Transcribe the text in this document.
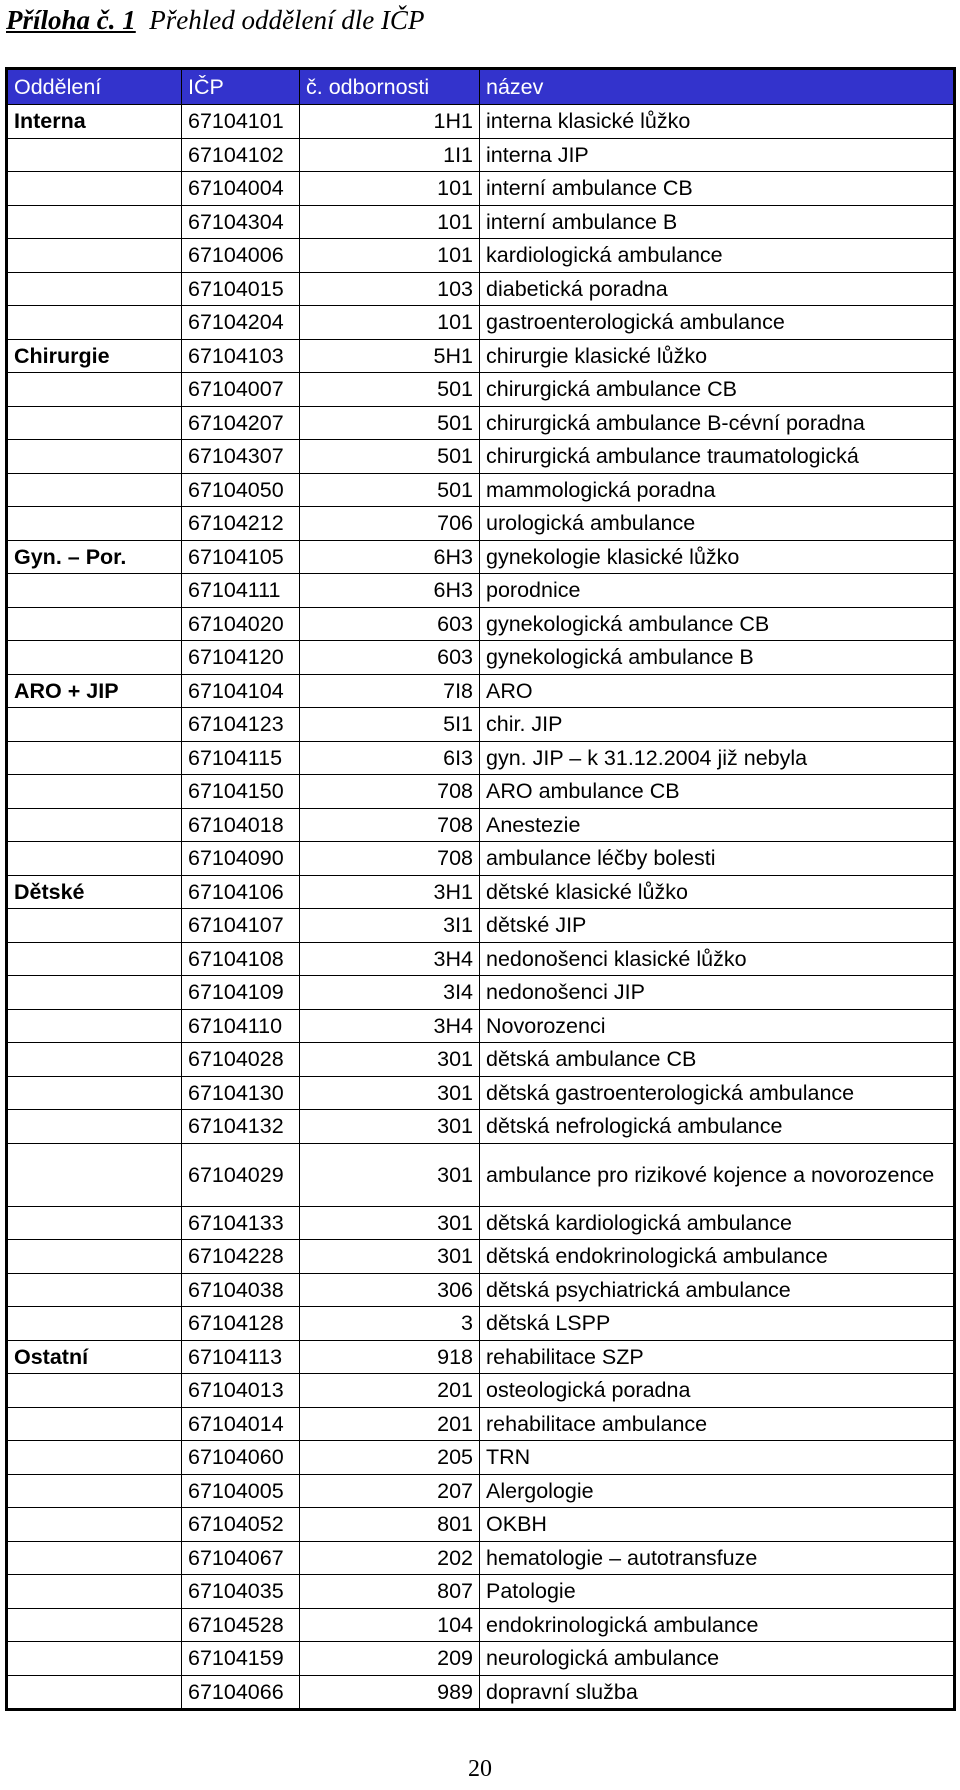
Příloha č. 1 Přehled oddělení dle IČP
Oddělení	IČP	č. odbornosti	název
Interna	67104101	1H1	interna klasické lůžko
	67104102	1I1	interna JIP
	67104004	101	interní ambulance CB
	67104304	101	interní ambulance B
	67104006	101	kardiologická ambulance
	67104015	103	diabetická poradna
	67104204	101	gastroenterologická ambulance
Chirurgie	67104103	5H1	chirurgie klasické lůžko
	67104007	501	chirurgická ambulance CB
	67104207	501	chirurgická ambulance B-cévní poradna
	67104307	501	chirurgická ambulance traumatologická
	67104050	501	mammologická poradna
	67104212	706	urologická ambulance
Gyn. – Por.	67104105	6H3	gynekologie klasické lůžko
	67104111	6H3	porodnice
	67104020	603	gynekologická ambulance CB
	67104120	603	gynekologická ambulance B
ARO + JIP	67104104	7I8	ARO
	67104123	5I1	chir. JIP
	67104115	6I3	gyn. JIP – k 31.12.2004 již nebyla
	67104150	708	ARO ambulance CB
	67104018	708	Anestezie
	67104090	708	ambulance léčby bolesti
Dětské	67104106	3H1	dětské klasické lůžko
	67104107	3I1	dětské JIP
	67104108	3H4	nedonošenci klasické lůžko
	67104109	3I4	nedonošenci JIP
	67104110	3H4	Novorozenci
	67104028	301	dětská ambulance CB
	67104130	301	dětská gastroenterologická ambulance
	67104132	301	dětská nefrologická ambulance
	67104029	301	ambulance pro rizikové kojence a novorozence
	67104133	301	dětská kardiologická ambulance
	67104228	301	dětská endokrinologická ambulance
	67104038	306	dětská psychiatrická ambulance
	67104128	3	dětská LSPP
Ostatní	67104113	918	rehabilitace SZP
	67104013	201	osteologická poradna
	67104014	201	rehabilitace ambulance
	67104060	205	TRN
	67104005	207	Alergologie
	67104052	801	OKBH
	67104067	202	hematologie – autotransfuze
	67104035	807	Patologie
	67104528	104	endokrinologická ambulance
	67104159	209	neurologická ambulance
	67104066	989	dopravní služba
20
